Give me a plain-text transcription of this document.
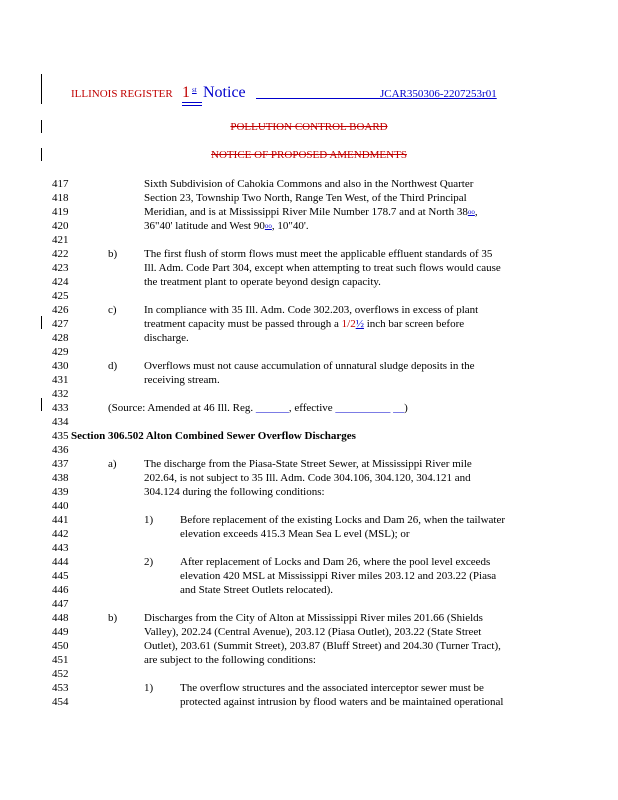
ILLINOIS REGISTER 1 st Notice	JCAR350306-2207253r01
POLLUTION CONTROL BOARD
NOTICE OF PROPOSED AMENDMENTS
417	Sixth Subdivision of Cahokia Commons and also in the Northwest Quarter
418	Section 23, Township Two North, Range Ten West, of the Third Principal
419	Meridian, and is at Mississippi River Mile Number 178.7 and at North $38^{oo}$,
420	36"40' latitude and West $90^{oo}$, 10"40'.
421
422	b) The first flush of storm flows must meet the applicable effluent standards of 35
423	Ill. Adm. Code Part 304, except when attempting to treat such flows would cause
424	the treatment plant to operate beyond design capacity.
425
426	c) In compliance with 35 Ill. Adm. Code 302.203, overflows in excess of plant
427	treatment capacity must be passed through a 1/2½ inch bar screen before
428	discharge.
429
430	d) Overflows must not cause accumulation of unnatural sludge deposits in the
431	receiving stream.
432
433	(Source: Amended at 46 Ill. Reg. ______, effective __________ __)
434
435 Section 306.502 Alton Combined Sewer Overflow Discharges
436
437	a) The discharge from the Piasa-State Street Sewer, at Mississippi River mile
438	202.64, is not subject to 35 Ill. Adm. Code 304.106, 304.120, 304.121 and
439	304.124 during the following conditions:
440
441	1) Before replacement of the existing Locks and Dam 26, when the tailwater
442	elevation exceeds 415.3 Mean Sea L evel (MSL); or
443
444	2) After replacement of Locks and Dam 26, where the pool level exceeds
445	elevation 420 MSL at Mississippi River miles 203.12 and 203.22 (Piasa
446	and State Street Outlets relocated).
447
448	b) Discharges from the City of Alton at Mississippi River miles 201.66 (Shields
449	Valley), 202.24 (Central Avenue), 203.12 (Piasa Outlet), 203.22 (State Street
450	Outlet), 203.61 (Summit Street), 203.87 (Bluff Street) and 204.30 (Turner Tract),
451	are subject to the following conditions:
452
453	1) The overflow structures and the associated interceptor sewer must be
454	protected against intrusion by flood waters and be maintained operational
